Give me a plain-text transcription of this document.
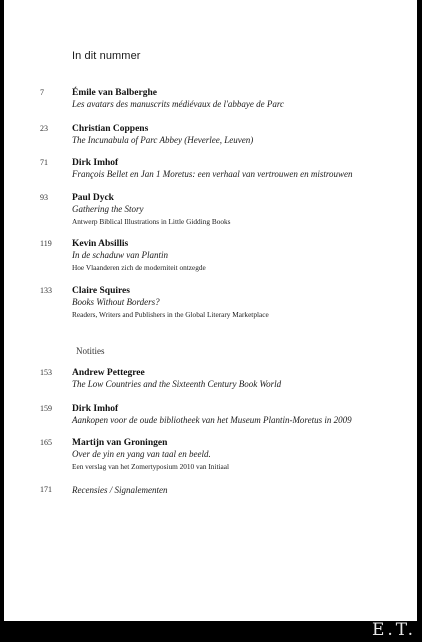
In dit nummer
7	Émile van Balberghe
Les avatars des manuscrits médiévaux de l'abbaye de Parc
23	Christian Coppens
The Incunabula of Parc Abbey (Heverlee, Leuven)
71	Dirk Imhof
François Bellet en Jan 1 Moretus: een verhaal van vertrouwen en mistrouwen
93	Paul Dyck
Gathering the Story
Antwerp Biblical Illustrations in Little Gidding Books
119 Kevin Absillis
In de schaduw van Plantin
Hoe Vlaanderen zich de moderniteit ontzegde
133 Claire Squires
Books Without Borders?
Readers, Writers and Publishers in the Global Literary Marketplace
Notities
153 Andrew Pettegree
The Low Countries and the Sixteenth Century Book World
159 Dirk Imhof
Aankopen voor de oude bibliotheek van het Museum Plantin-Moretus in 2009
165 Martijn van Groningen
Over de yin en yang van taal en beeld.
Een verslag van het Zomertyposium 2010 van Initiaal
171 Recensies / Signalementen
E.T.
